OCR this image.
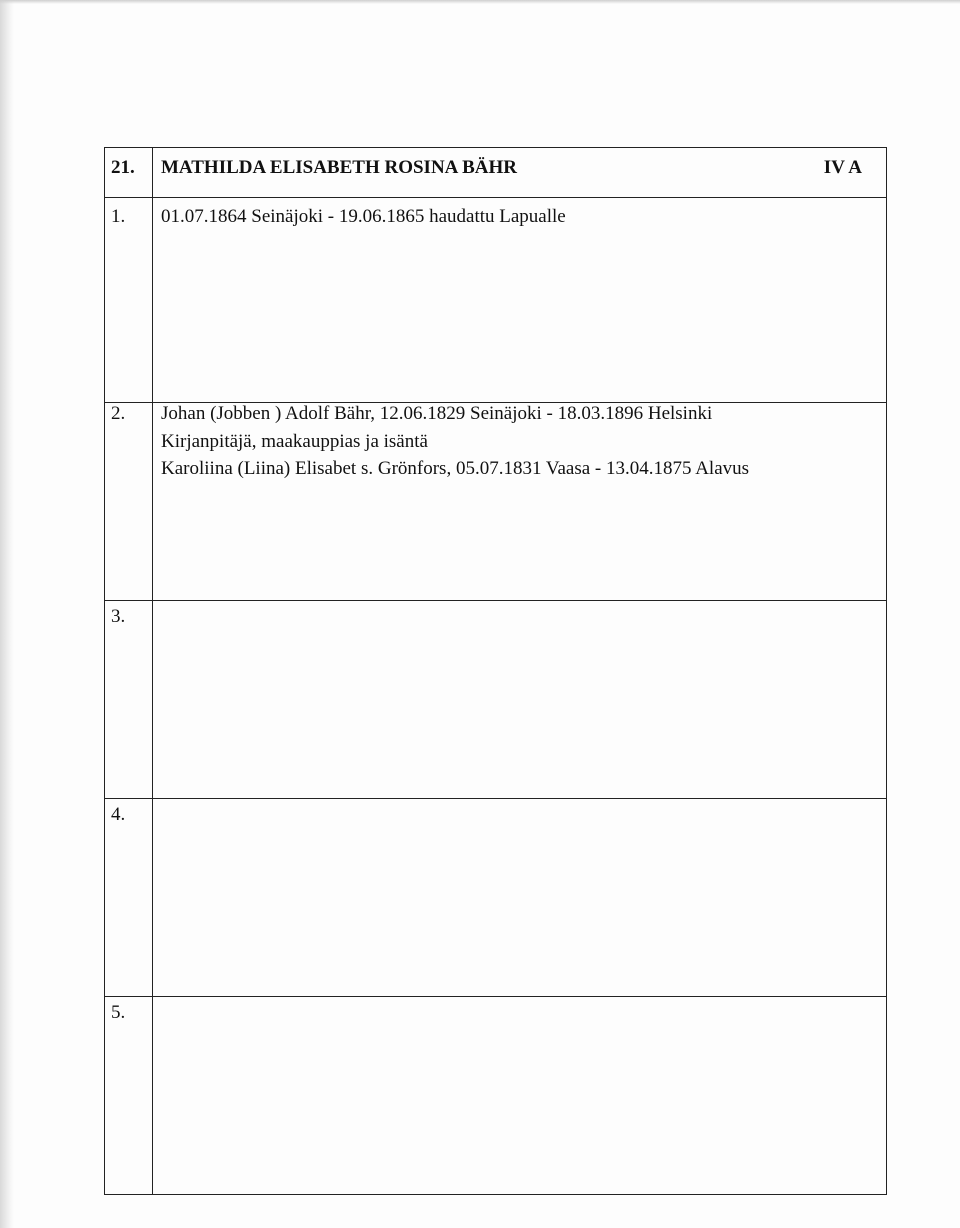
21. MATHILDA ELISABETH ROSINA BÄHR	IV A
1. 01.07.1864 Seinäjoki - 19.06.1865 haudattu Lapualle
2. Johan (Jobben ) Adolf Bähr, 12.06.1829 Seinäjoki - 18.03.1896 Helsinki
Kirjanpitäjä, maakauppias ja isäntä
Karoliina (Liina) Elisabet s. Grönfors, 05.07.1831 Vaasa - 13.04.1875 Alavus
3.
4.
5.
